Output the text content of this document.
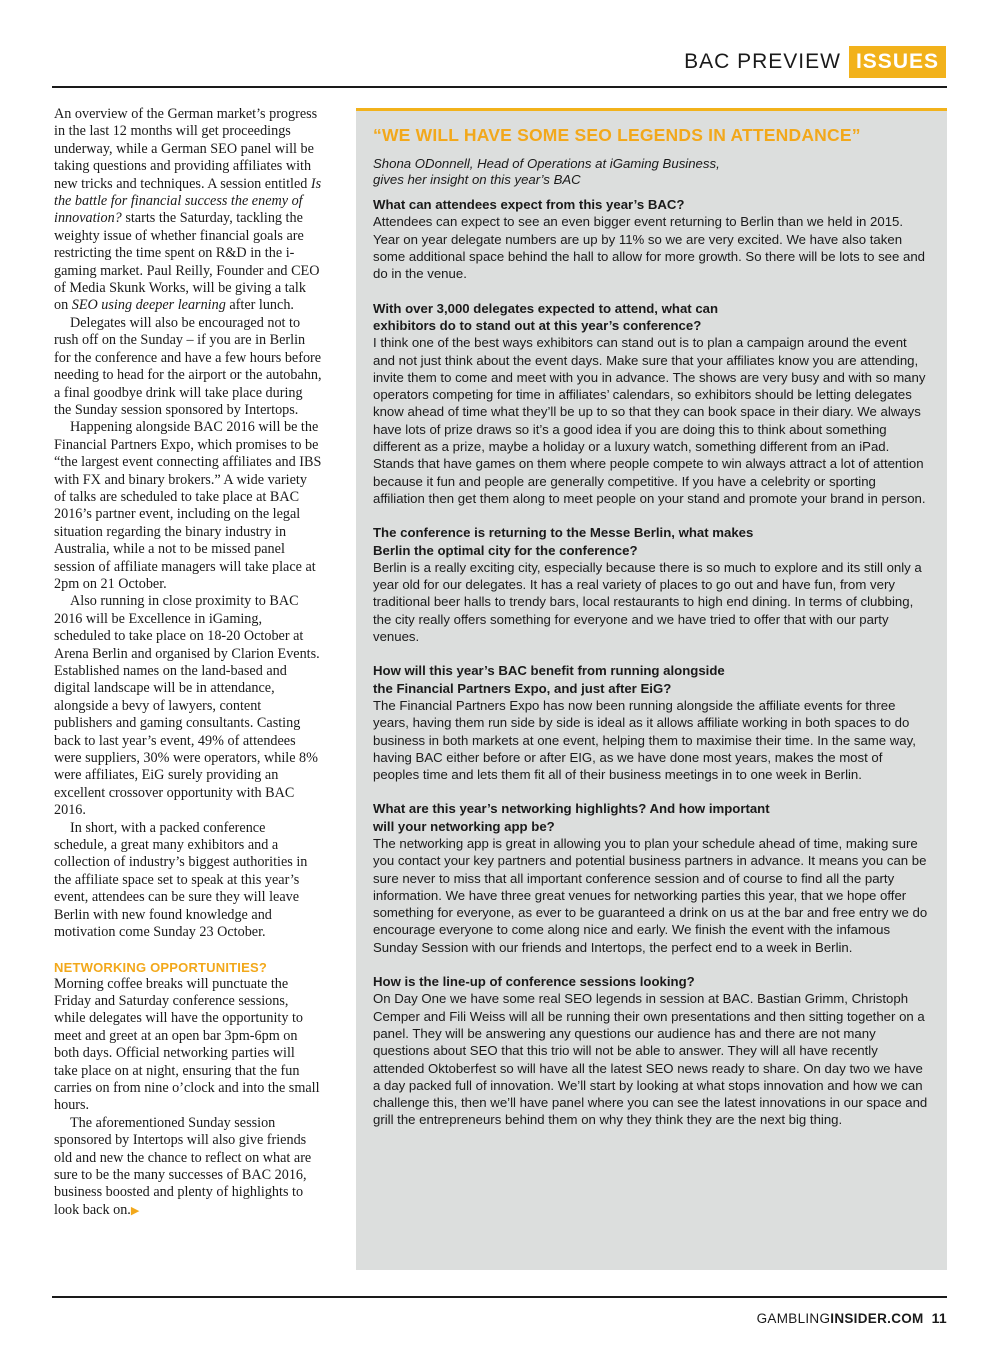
BAC PREVIEW ISSUES

An overview of the German market’s progress in the last 12 months will get proceedings underway, while a German SEO panel will be taking questions and providing affiliates with new tricks and techniques. A session entitled Is the battle for financial success the enemy of innovation? starts the Saturday, tackling the weighty issue of whether financial goals are restricting the time spent on R&D in the i-gaming market. Paul Reilly, Founder and CEO of Media Skunk Works, will be giving a talk on SEO using deeper learning after lunch.

Delegates will also be encouraged not to rush off on the Sunday – if you are in Berlin for the conference and have a few hours before needing to head for the airport or the autobahn, a final goodbye drink will take place during the Sunday session sponsored by Intertops.

Happening alongside BAC 2016 will be the Financial Partners Expo, which promises to be “the largest event connecting affiliates and IBS with FX and binary brokers.” A wide variety of talks are scheduled to take place at BAC 2016’s partner event, including on the legal situation regarding the binary industry in Australia, while a not to be missed panel session of affiliate managers will take place at 2pm on 21 October.

Also running in close proximity to BAC 2016 will be Excellence in iGaming, scheduled to take place on 18-20 October at Arena Berlin and organised by Clarion Events. Established names on the land-based and digital landscape will be in attendance, alongside a bevy of lawyers, content publishers and gaming consultants. Casting back to last year’s event, 49% of attendees were suppliers, 30% were operators, while 8% were affiliates, EiG surely providing an excellent crossover opportunity with BAC 2016.

In short, with a packed conference schedule, a great many exhibitors and a collection of industry’s biggest authorities in the affiliate space set to speak at this year’s event, attendees can be sure they will leave Berlin with new found knowledge and motivation come Sunday 23 October.

NETWORKING OPPORTUNITIES?

Morning coffee breaks will punctuate the Friday and Saturday conference sessions, while delegates will have the opportunity to meet and greet at an open bar 3pm-6pm on both days. Official networking parties will take place on at night, ensuring that the fun carries on from nine o’clock and into the small hours.

The aforementioned Sunday session sponsored by Intertops will also give friends old and new the chance to reflect on what are sure to be the many successes of BAC 2016, business boosted and plenty of highlights to look back on.▶

“WE WILL HAVE SOME SEO LEGENDS IN ATTENDANCE”
Shona ODonnell, Head of Operations at iGaming Business,
gives her insight on this year’s BAC
What can attendees expect from this year’s BAC?
Attendees can expect to see an even bigger event returning to Berlin than we held in 2015. Year on year delegate numbers are up by 11% so we are very excited. We have also taken some additional space behind the hall to allow for more growth. So there will be lots to see and do in the venue.
With over 3,000 delegates expected to attend, what can
exhibitors do to stand out at this year’s conference?
I think one of the best ways exhibitors can stand out is to plan a campaign around the event and not just think about the event days. Make sure that your affiliates know you are attending, invite them to come and meet with you in advance. The shows are very busy and with so many operators competing for time in affiliates’ calendars, so exhibitors should be letting delegates know ahead of time what they’ll be up to so that they can book space in their diary. We always have lots of prize draws so it’s a good idea if you are doing this to think about something different as a prize, maybe a holiday or a luxury watch, something different from an iPad. Stands that have games on them where people compete to win always attract a lot of attention because it fun and people are generally competitive. If you have a celebrity or sporting affiliation then get them along to meet people on your stand and promote your brand in person.
The conference is returning to the Messe Berlin, what makes
Berlin the optimal city for the conference?
Berlin is a really exciting city, especially because there is so much to explore and its still only a year old for our delegates. It has a real variety of places to go out and have fun, from very traditional beer halls to trendy bars, local restaurants to high end dining. In terms of clubbing, the city really offers something for everyone and we have tried to offer that with our party venues.
How will this year’s BAC benefit from running alongside
the Financial Partners Expo, and just after EiG?
The Financial Partners Expo has now been running alongside the affiliate events for three years, having them run side by side is ideal as it allows affiliate working in both spaces to do business in both markets at one event, helping them to maximise their time. In the same way, having BAC either before or after EIG, as we have done most years, makes the most of peoples time and lets them fit all of their business meetings in to one week in Berlin.
What are this year’s networking highlights? And how important
will your networking app be?
The networking app is great in allowing you to plan your schedule ahead of time, making sure you contact your key partners and potential business partners in advance. It means you can be sure never to miss that all important conference session and of course to find all the party information. We have three great venues for networking parties this year, that we hope offer something for everyone, as ever to be guaranteed a drink on us at the bar and free entry we do encourage everyone to come along nice and early. We finish the event with the infamous Sunday Session with our friends and Intertops, the perfect end to a week in Berlin.
How is the line-up of conference sessions looking?
On Day One we have some real SEO legends in session at BAC. Bastian Grimm, Christoph Cemper and Fili Weiss will all be running their own presentations and then sitting together on a panel. They will be answering any questions our audience has and there are not many questions about SEO that this trio will not be able to answer. They will all have recently attended Oktoberfest so will have all the latest SEO news ready to share. On day two we have a day packed full of innovation. We’ll start by looking at what stops innovation and how we can challenge this, then we’ll have panel where you can see the latest innovations in our space and grill the entrepreneurs behind them on why they think they are the next big thing.
GAMBLINGINSIDER.COM 11
